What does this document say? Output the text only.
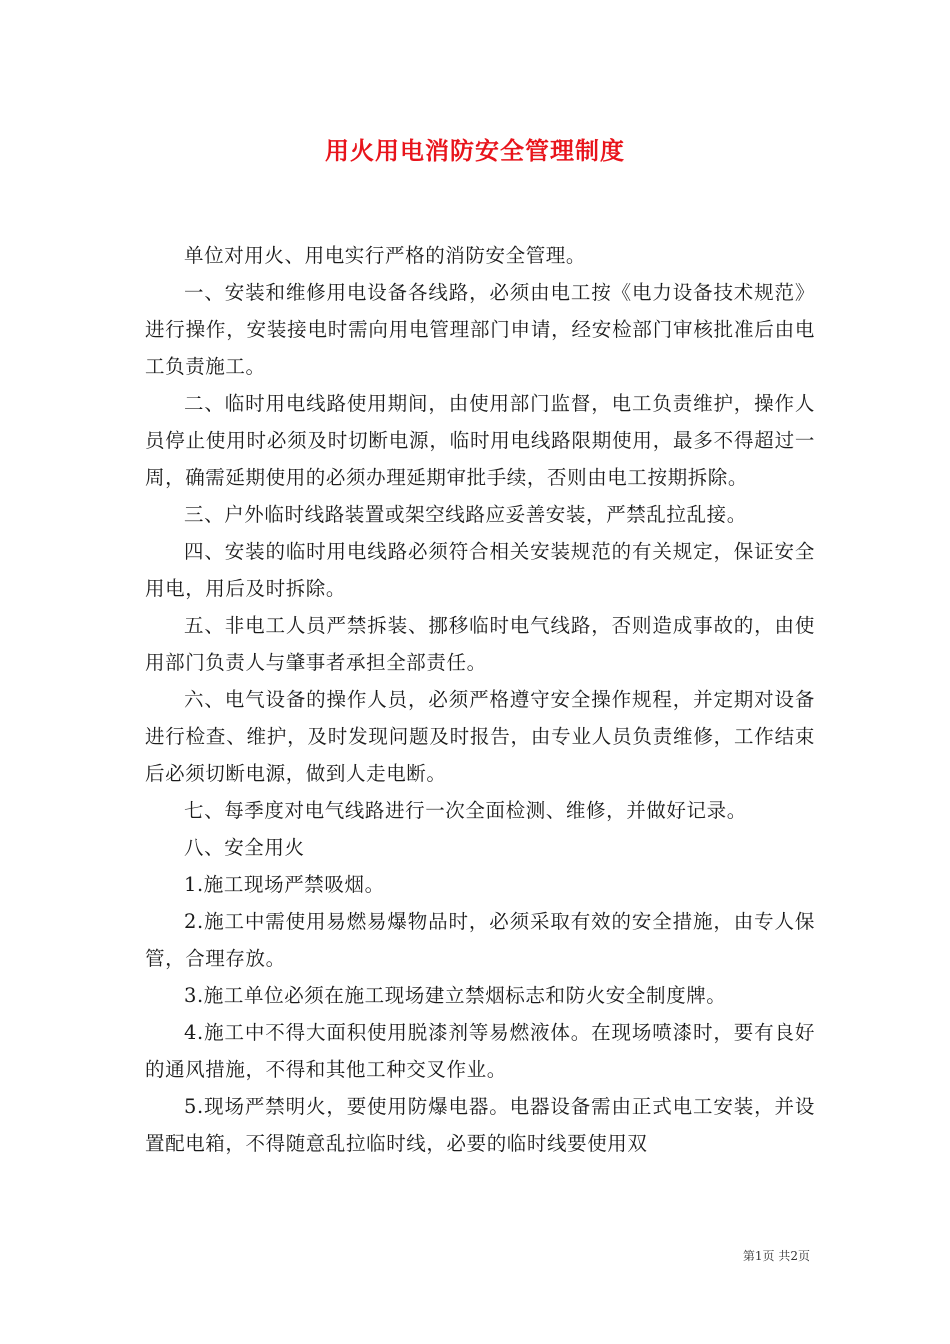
用火用电消防安全管理制度

单位对用火、用电实行严格的消防安全管理。

一、安装和维修用电设备各线路，必须由电工按《电力设备技术规范》进行操作，安装接电时需向用电管理部门申请，经安检部门审核批准后由电工负责施工。

二、临时用电线路使用期间，由使用部门监督，电工负责维护，操作人员停止使用时必须及时切断电源，临时用电线路限期使用，最多不得超过一周，确需延期使用的必须办理延期审批手续，否则由电工按期拆除。

三、户外临时线路装置或架空线路应妥善安装，严禁乱拉乱接。

四、安装的临时用电线路必须符合相关安装规范的有关规定，保证安全用电，用后及时拆除。

五、非电工人员严禁拆装、挪移临时电气线路，否则造成事故的，由使用部门负责人与肇事者承担全部责任。

六、电气设备的操作人员，必须严格遵守安全操作规程，并定期对设备进行检查、维护，及时发现问题及时报告，由专业人员负责维修，工作结束后必须切断电源，做到人走电断。

七、每季度对电气线路进行一次全面检测、维修，并做好记录。

八、安全用火

1.施工现场严禁吸烟。

2.施工中需使用易燃易爆物品时，必须采取有效的安全措施，由专人保管，合理存放。

3.施工单位必须在施工现场建立禁烟标志和防火安全制度牌。

4.施工中不得大面积使用脱漆剂等易燃液体。在现场喷漆时，要有良好的通风措施，不得和其他工种交叉作业。

5.现场严禁明火，要使用防爆电器。电器设备需由正式电工安装，并设置配电箱，不得随意乱拉临时线，必要的临时线要使用双

第1页 共2页
